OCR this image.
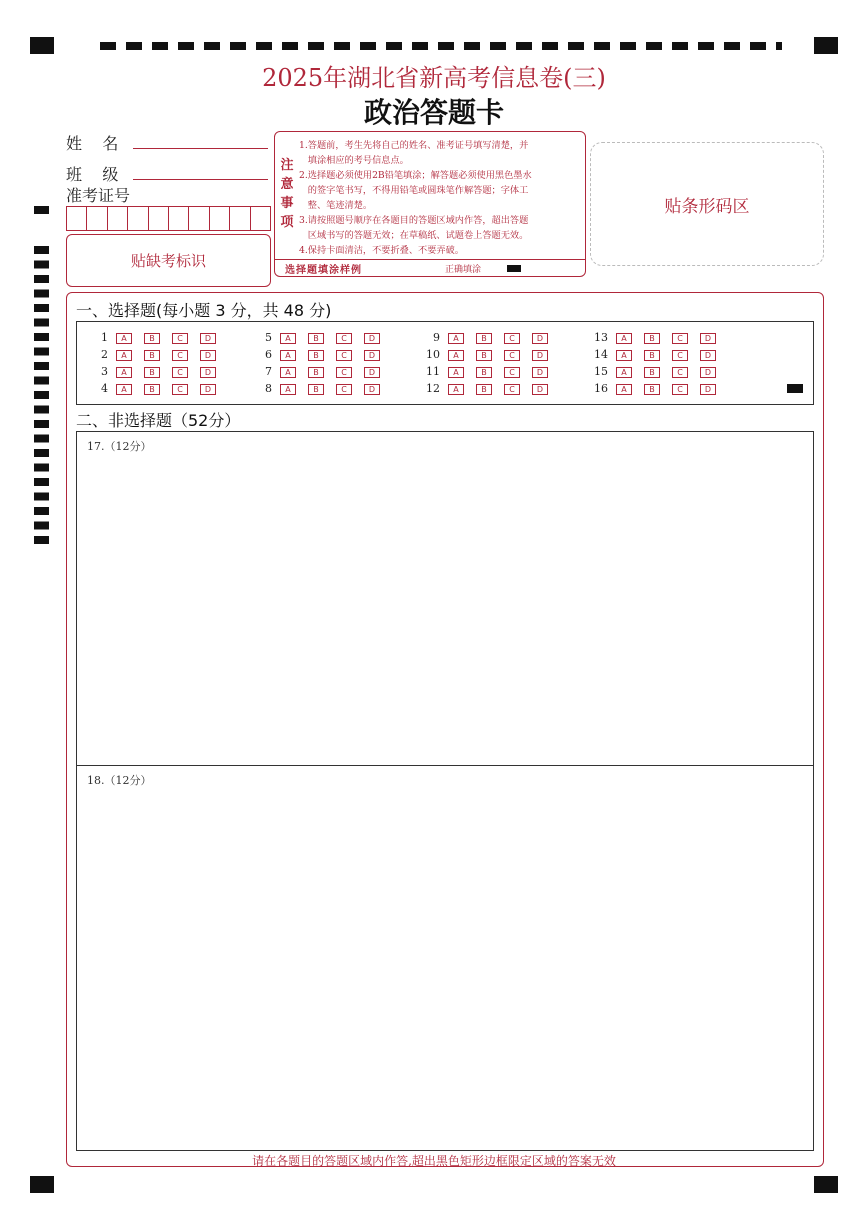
2025年湖北省新高考信息卷(三)
政治答题卡
姓    名
班    级
准考证号
贴缺考标识
注
意
事
项
1.答题前，考生先将自己的姓名、准考证号填写清楚，并
填涂相应的考号信息点。
2.选择题必须使用2B铅笔填涂；解答题必须使用黑色墨水
的签字笔书写，不得用铅笔或圆珠笔作解答题；字体工
整、笔迹清楚。
3.请按照题号顺序在各题目的答题区域内作答，超出答题
区域书写的答题无效；在草稿纸、试题卷上答题无效。
4.保持卡面清洁，不要折叠、不要弄破。
选择题填涂样例	正确填涂
贴条形码区
一、选择题(每小题 3 分，共 48 分)
1	A	B	C	D
2	A	B	C	D
3	A	B	C	D
4	A	B	C	D
5	A	B	C	D
6	A	B	C	D
7	A	B	C	D
8	A	B	C	D
9	A	B	C	D
10	A	B	C	D
11	A	B	C	D
12	A	B	C	D
13	A	B	C	D
14	A	B	C	D
15	A	B	C	D
16	A	B	C	D
二、非选择题（52分）
17.（12分）
18.（12分）
请在各题目的答题区域内作答,超出黑色矩形边框限定区域的答案无效
